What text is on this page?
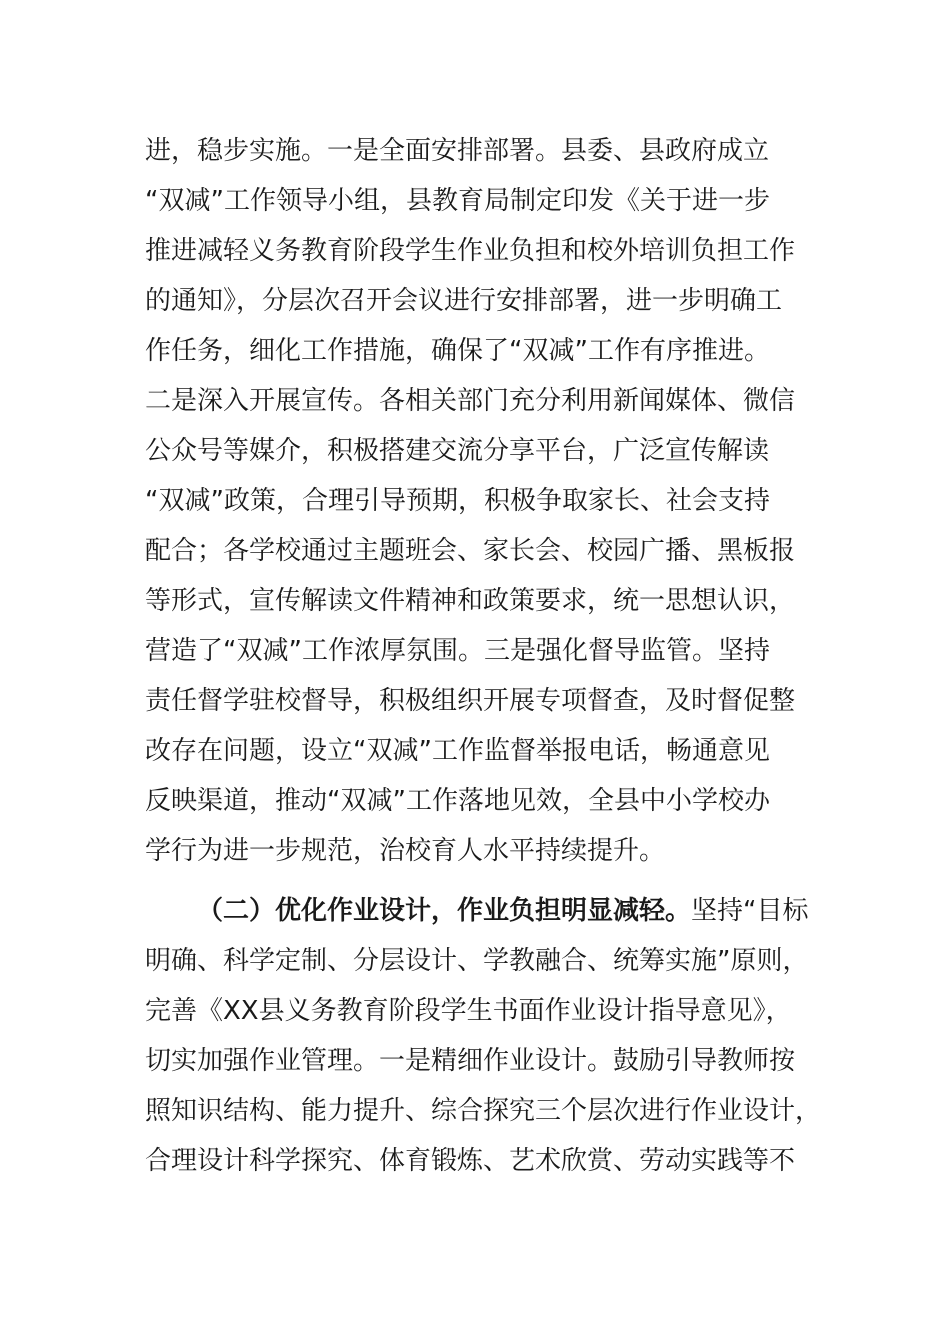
进，稳步实施。一是全面安排部署。县委、县政府成立
“双减”工作领导小组，县教育局制定印发《关于进一步
推进减轻义务教育阶段学生作业负担和校外培训负担工作
的通知》，分层次召开会议进行安排部署，进一步明确工
作任务，细化工作措施，确保了“双减”工作有序推进。
二是深入开展宣传。各相关部门充分利用新闻媒体、微信
公众号等媒介，积极搭建交流分享平台，广泛宣传解读
“双减”政策，合理引导预期，积极争取家长、社会支持
配合；各学校通过主题班会、家长会、校园广播、黑板报
等形式，宣传解读文件精神和政策要求，统一思想认识，
营造了“双减”工作浓厚氛围。三是强化督导监管。坚持
责任督学驻校督导，积极组织开展专项督查，及时督促整
改存在问题，设立“双减”工作监督举报电话，畅通意见
反映渠道，推动“双减”工作落地见效，全县中小学校办
学行为进一步规范，治校育人水平持续提升。
（二）优化作业设计，作业负担明显减轻。坚持“目标
明确、科学定制、分层设计、学教融合、统筹实施”原则，
完善《XX县义务教育阶段学生书面作业设计指导意见》，
切实加强作业管理。一是精细作业设计。鼓励引导教师按
照知识结构、能力提升、综合探究三个层次进行作业设计，
合理设计科学探究、体育锻炼、艺术欣赏、劳动实践等不
